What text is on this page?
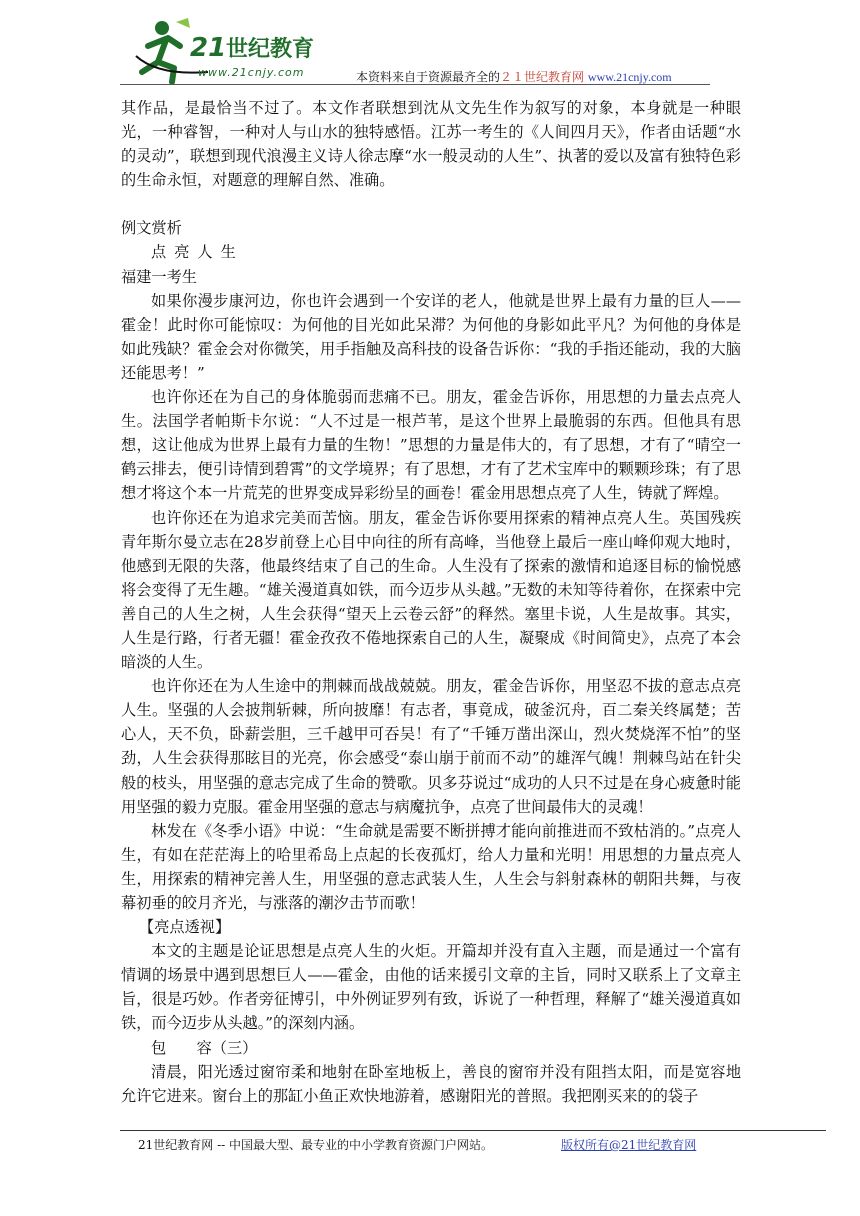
21 世纪教育
www.21cnjy.com	本资料来自于资源最齐全的２１世纪教育网 www.21cnjy.com

其作品，是最恰当不过了。本文作者联想到沈从文先生作为叙写的对象，本身就是一种眼光，一种睿智，一种对人与山水的独特感悟。江苏一考生的《人间四月天》，作者由话题“水的灵动”，联想到现代浪漫主义诗人徐志摩“水一般灵动的人生”、执著的爱以及富有独特色彩的生命永恒，对题意的理解自然、准确。

例文赏析

点亮人生

福建一考生

如果你漫步康河边，你也许会遇到一个安详的老人，他就是世界上最有力量的巨人——霍金！此时你可能惊叹：为何他的目光如此呆滞？为何他的身影如此平凡？为何他的身体是如此残缺？霍金会对你微笑，用手指触及高科技的设备告诉你：“我的手指还能动，我的大脑还能思考！”

也许你还在为自己的身体脆弱而悲痛不已。朋友，霍金告诉你，用思想的力量去点亮人生。法国学者帕斯卡尔说：“人不过是一根芦苇，是这个世界上最脆弱的东西。但他具有思想，这让他成为世界上最有力量的生物！”思想的力量是伟大的，有了思想，才有了“晴空一鹤云排去，便引诗情到碧霄”的文学境界；有了思想，才有了艺术宝库中的颗颗珍珠；有了思想才将这个本一片荒芜的世界变成异彩纷呈的画卷！霍金用思想点亮了人生，铸就了辉煌。

也许你还在为追求完美而苦恼。朋友，霍金告诉你要用探索的精神点亮人生。英国残疾青年斯尔曼立志在28岁前登上心目中向往的所有高峰，当他登上最后一座山峰仰观大地时，他感到无限的失落，他最终结束了自己的生命。人生没有了探索的激情和追逐目标的愉悦感将会变得了无生趣。“雄关漫道真如铁，而今迈步从头越。”无数的未知等待着你，在探索中完善自己的人生之树，人生会获得“望天上云卷云舒”的释然。塞里卡说，人生是故事。其实，人生是行路，行者无疆！霍金孜孜不倦地探索自己的人生，凝聚成《时间简史》，点亮了本会暗淡的人生。

也许你还在为人生途中的荆棘而战战兢兢。朋友，霍金告诉你，用坚忍不拔的意志点亮人生。坚强的人会披荆斩棘，所向披靡！有志者，事竟成，破釜沉舟，百二秦关终属楚；苦心人，天不负，卧薪尝胆，三千越甲可吞吴！有了“千锤万凿出深山，烈火焚烧浑不怕”的坚劲，人生会获得那眩目的光亮，你会感受“泰山崩于前而不动”的雄浑气魄！荆棘鸟站在针尖般的枝头，用坚强的意志完成了生命的赞歌。贝多芬说过“成功的人只不过是在身心疲惫时能用坚强的毅力克服。霍金用坚强的意志与病魔抗争，点亮了世间最伟大的灵魂！

林发在《冬季小语》中说：“生命就是需要不断拼搏才能向前推进而不致枯消的。”点亮人生，有如在茫茫海上的哈里希岛上点起的长夜孤灯，给人力量和光明！用思想的力量点亮人生，用探索的精神完善人生，用坚强的意志武装人生，人生会与斜射森林的朝阳共舞，与夜幕初垂的皎月齐光，与涨落的潮汐击节而歌！

【亮点透视】

本文的主题是论证思想是点亮人生的火炬。开篇却并没有直入主题，而是通过一个富有情调的场景中遇到思想巨人——霍金，由他的话来援引文章的主旨，同时又联系上了文章主旨，很是巧妙。作者旁征博引，中外例证罗列有致，诉说了一种哲理，释解了“雄关漫道真如铁，而今迈步从头越。”的深刻内涵。

包　　容（三）

清晨，阳光透过窗帘柔和地射在卧室地板上，善良的窗帘并没有阻挡太阳，而是宽容地允许它进来。窗台上的那缸小鱼正欢快地游着，感谢阳光的普照。我把刚买来的的袋子

21世纪教育网 -- 中国最大型、最专业的中小学教育资源门户网站。	版权所有@21世纪教育网
